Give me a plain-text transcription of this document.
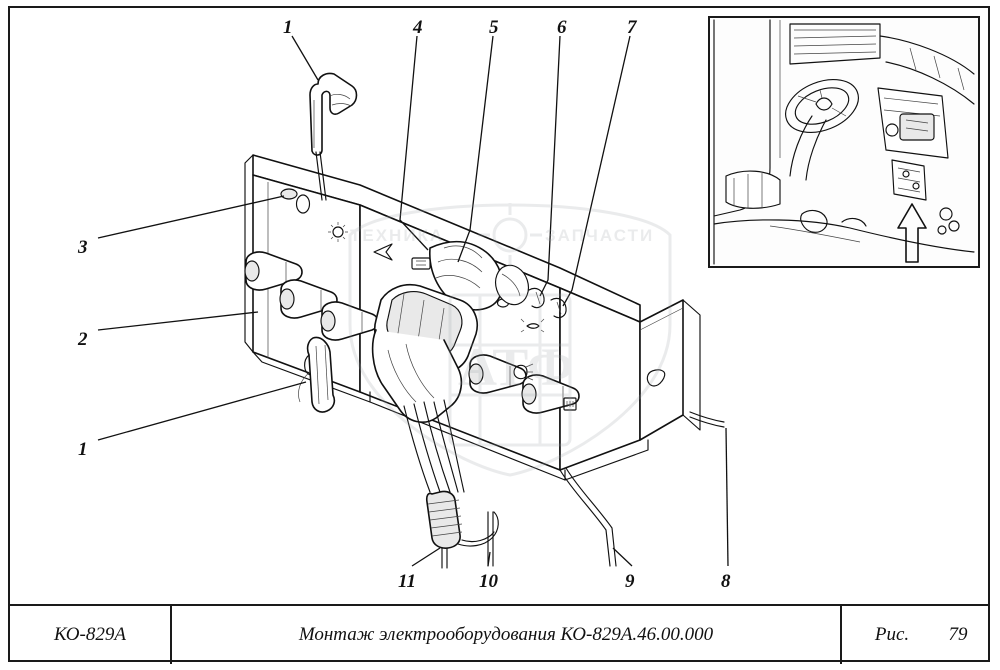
ТЕХНИКА	ЗАПЧАСТИ
АТФ
1	4	5	6	7
3
2
1
11	10	9	8
КО-829А	Монтаж электрооборудования КО-829А.46.00.000	Рис.	79
